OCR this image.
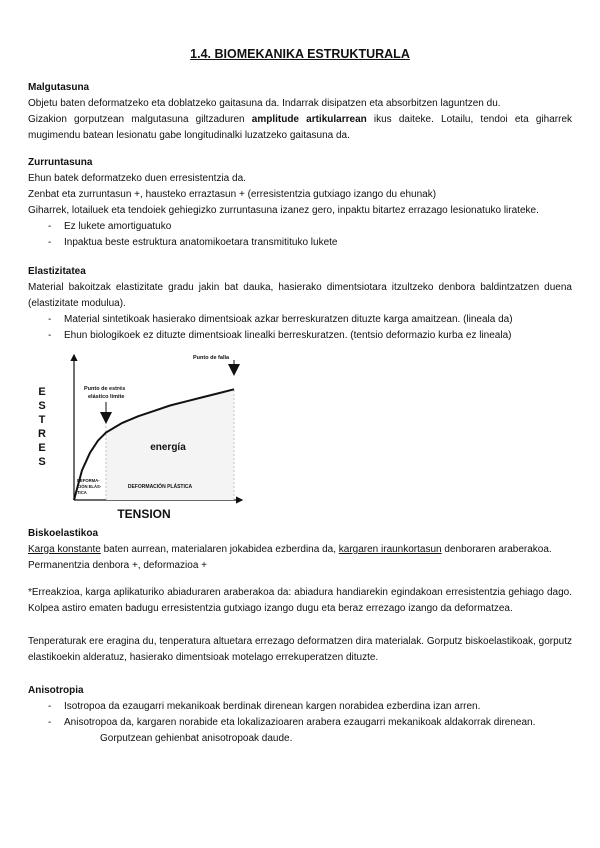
1.4. BIOMEKANIKA ESTRUKTURALA
Malgutasuna
Objetu baten deformatzeko eta doblatzeko gaitasuna da. Indarrak disipatzen eta absorbitzen laguntzen du.
Gizakion gorputzean malgutasuna giltzaduren amplitude artikularrean ikus daiteke. Lotailu, tendoi eta giharrek mugimendu batean lesionatu gabe longitudinalki luzatzeko gaitasuna da.
Zurruntasuna
Ehun batek deformatzeko duen erresistentzia da.
Zenbat eta zurruntasun +, hausteko erraztasun + (erresistentzia gutxiago izango du ehunak)
Giharrek, lotailuek eta tendoiek gehiegizko zurruntasuna izanez gero, inpaktu bitartez errazago lesionatuko lirateke.
- Ez lukete amortiguatuko
- Inpaktua beste estruktura anatomikoetara transmitituko lukete
Elastizitatea
Material bakoitzak elastizitate gradu jakin bat dauka, hasierako dimentsiotara itzultzeko denbora baldintzatzen duena (elastizitate modulua).
- Material sintetikoak hasierako dimentsioak azkar berreskuratzen dituzte karga amaitzean. (lineala da)
- Ehun biologikoek ez dituzte dimentsioak linealki berreskuratzen. (tentsio deformazio kurba ez lineala)
E
S
T
R
E
S
TENSION
Punto de estrés
elástico límite
Punto de falla
energía
DEFORMA-
CIÓN ELÁS-
TICA
DEFORMACIÓN PLÁSTICA
Biskoelastikoa
Karga konstante baten aurrean, materialaren jokabidea ezberdina da, kargaren iraunkortasun denboraren araberakoa.
Permanentzia denbora +, deformazioa +
*Erreakzioa, karga aplikaturiko abiaduraren araberakoa da: abiadura handiarekin egindakoan erresistentzia gehiago dago. Kolpea astiro ematen badugu erresistentzia gutxiago izango dugu eta beraz errezago izango da deformatzea.
Tenperaturak ere eragina du, tenperatura altuetara errezago deformatzen dira materialak. Gorputz biskoelastikoak, gorputz elastikoekin alderatuz, hasierako dimentsioak motelago errekuperatzen dituzte.
Anisotropia
- Isotropoa da ezaugarri mekanikoak berdinak direnean kargen norabidea ezberdina izan arren.
- Anisotropoa da, kargaren norabide eta lokalizazioaren arabera ezaugarri mekanikoak aldakorrak direnean.
Gorputzean gehienbat anisotropoak daude.
